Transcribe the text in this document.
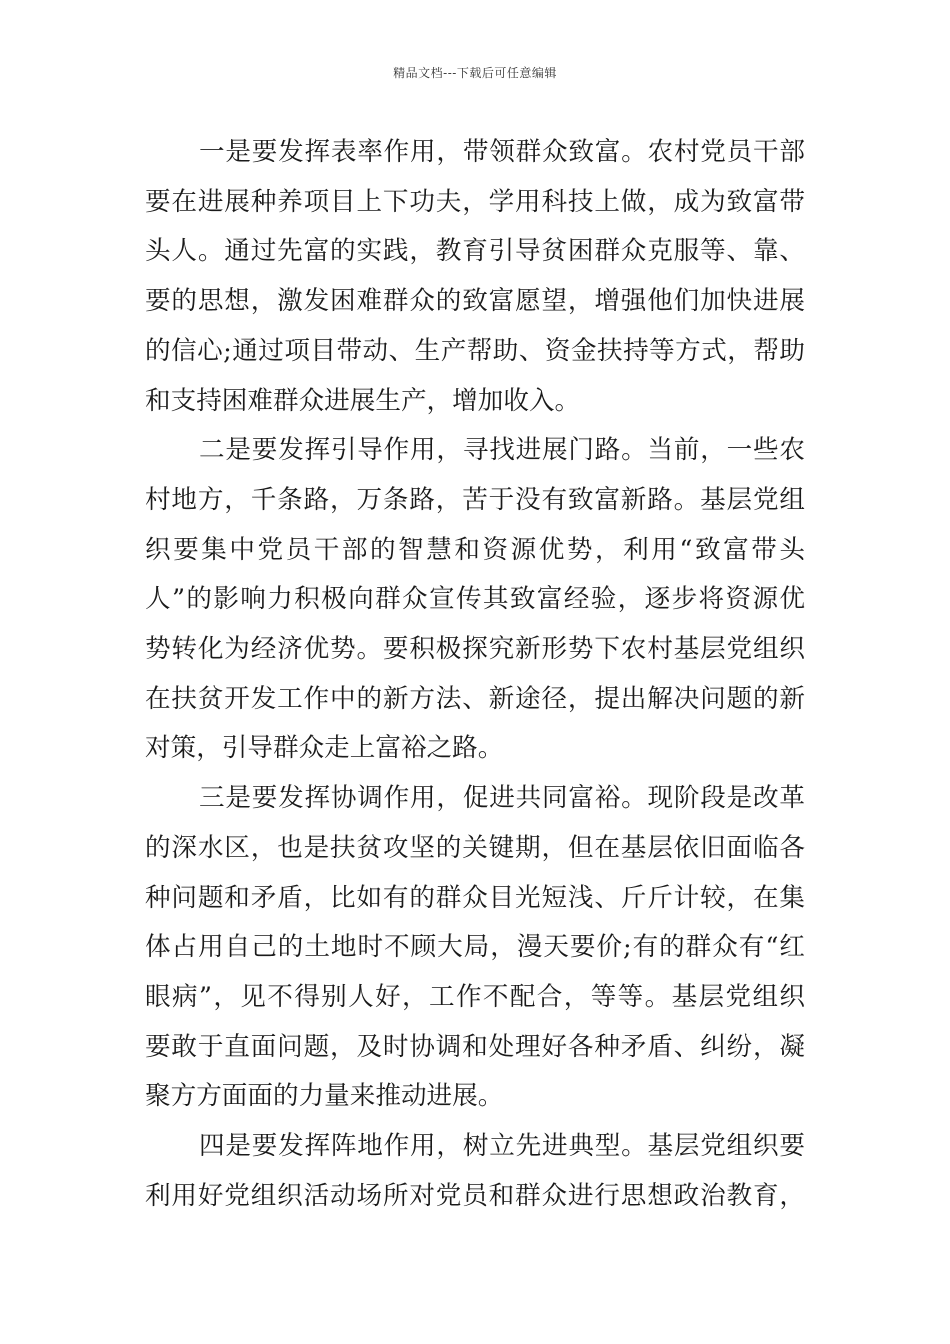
精品文档---下载后可任意编辑

一是要发挥表率作用，带领群众致富。农村党员干部
要在进展种养项目上下功夫，学用科技上做，成为致富带
头人。通过先富的实践，教育引导贫困群众克服等、靠、
要的思想，激发困难群众的致富愿望，增强他们加快进展
的信心;通过项目带动、生产帮助、资金扶持等方式，帮助
和支持困难群众进展生产，增加收入。

二是要发挥引导作用，寻找进展门路。当前，一些农
村地方，千条路，万条路，苦于没有致富新路。基层党组
织要集中党员干部的智慧和资源优势，利用“致富带头
人”的影响力积极向群众宣传其致富经验，逐步将资源优
势转化为经济优势。要积极探究新形势下农村基层党组织
在扶贫开发工作中的新方法、新途径，提出解决问题的新
对策，引导群众走上富裕之路。

三是要发挥协调作用，促进共同富裕。现阶段是改革
的深水区，也是扶贫攻坚的关键期，但在基层依旧面临各
种问题和矛盾，比如有的群众目光短浅、斤斤计较，在集
体占用自己的土地时不顾大局，漫天要价;有的群众有“红
眼病”，见不得别人好，工作不配合，等等。基层党组织
要敢于直面问题，及时协调和处理好各种矛盾、纠纷，凝
聚方方面面的力量来推动进展。

四是要发挥阵地作用，树立先进典型。基层党组织要
利用好党组织活动场所对党员和群众进行思想政治教育，
